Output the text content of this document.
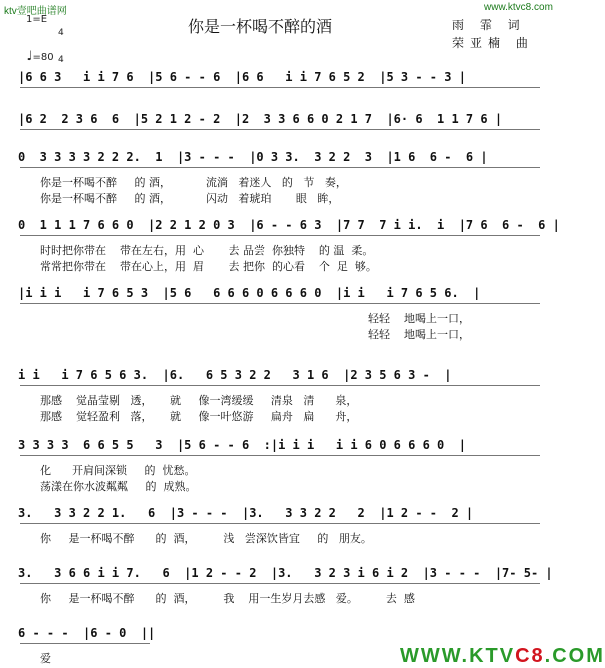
ktv壹吧曲谱网	www.ktvc8.com
1=E

4

4

♩=80

你是一杯喝不醉的酒	雨 霏 词
荣亚楠 曲
|6 6 3   i i 7 6  |5 6 - - 6  |6 6   i i 7 6 5 2  |5 3 - - 3 |
|6 2  2 3 6  6  |5 2 1 2 - 2  |2  3 3 6 6 0 2 1 7  |6· 6  1 1 7 6 |
0  3 3 3 3 2 2 2.  1  |3 - - -  |0 3 3.  3 2 2  3  |1 6  6 -  6 |
你是一杯喝不醉     的 酒，          流淌   着迷人   的   节   奏，
你是一杯喝不醉     的 酒，          闪动   着琥珀       眼   眸，
0  1 1 1 7 6 6 0  |2 2 1 2 0 3  |6 - - 6 3  |7 7  7 i i.  i  |7 6  6 -  6 |
时时把你带在    带在左右，用  心       去 品尝  你独特    的 温  柔。
常常把你带在    带在心上，用  眉       去 把你  的心看    个  足  够。
|i i i   i 7 6 5 3  |5 6   6 6 6 0 6 6 6 0  |i i   i 7 6 5 6.  |
轻轻    地喝上一口，
轻轻    地喝上一口，
i i   i 7 6 5 6 3.  |6.   6 5 3 2 2   3 1 6  |2 3 5 6 3 -  |
那感    觉晶莹剔   透，     就     像一湾缓缓     清泉   清      泉，
那感    觉轻盈利   落，     就     像一叶悠游     扁舟   扁      舟，
3 3 3 3  6 6 5 5   3  |5 6 - - 6  :|i i i   i i 6 0 6 6 6 0  |
化      开肩间深锁     的  忧愁。
荡漾在你水波粼粼     的  成熟。
3.   3 3 2 2 1.   6  |3 - - -  |3.   3 3 2 2   2  |1 2 - -  2 |
你     是一杯喝不醉      的  酒，        浅   尝深饮皆宜     的   朋友。
3.   3 6 6 i i 7.   6  |1 2 - - 2  |3.   3 2 3 i 6 i 2  |3 - - -  |7- 5- |
你     是一杯喝不醉      的  酒，        我    用一生岁月去感   爱。        去  感
6 - - -  |6 - 0  ||
爱	WWW.KTVC8.COM
